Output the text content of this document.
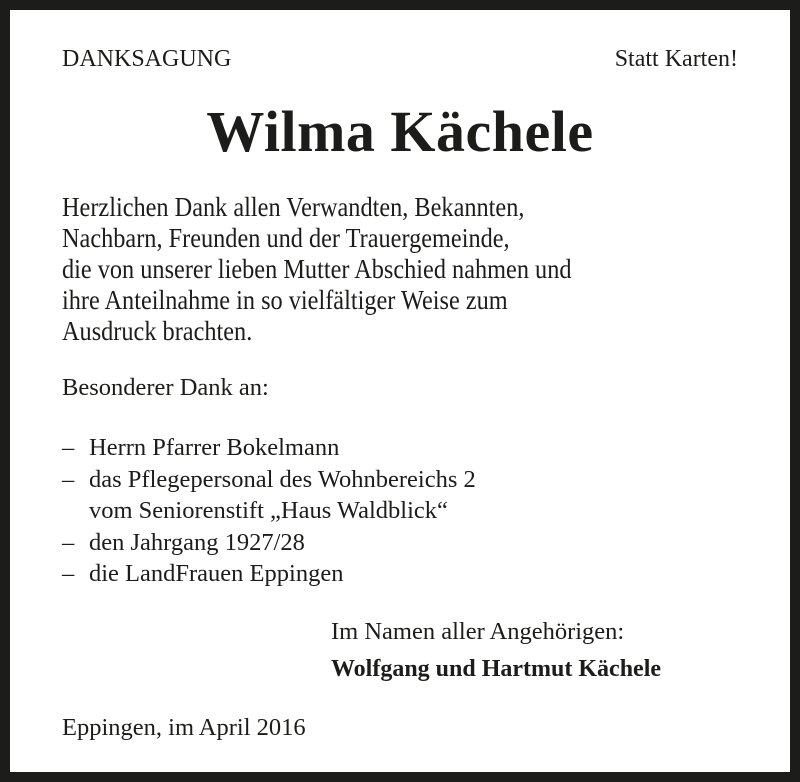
DANKSAGUNG	Statt Karten!
Wilma Kächele
Herzlichen Dank allen Verwandten, Bekannten,
Nachbarn, Freunden und der Trauergemeinde,
die von unserer lieben Mutter Abschied nahmen und
ihre Anteilnahme in so vielfältiger Weise zum
Ausdruck brachten.
Besonderer Dank an:
– Herrn Pfarrer Bokelmann
– das Pflegepersonal des Wohnbereichs 2
vom Seniorenstift „Haus Waldblick“
– den Jahrgang 1927/28
– die LandFrauen Eppingen
Im Namen aller Angehörigen:
Wolfgang und Hartmut Kächele
Eppingen, im April 2016
